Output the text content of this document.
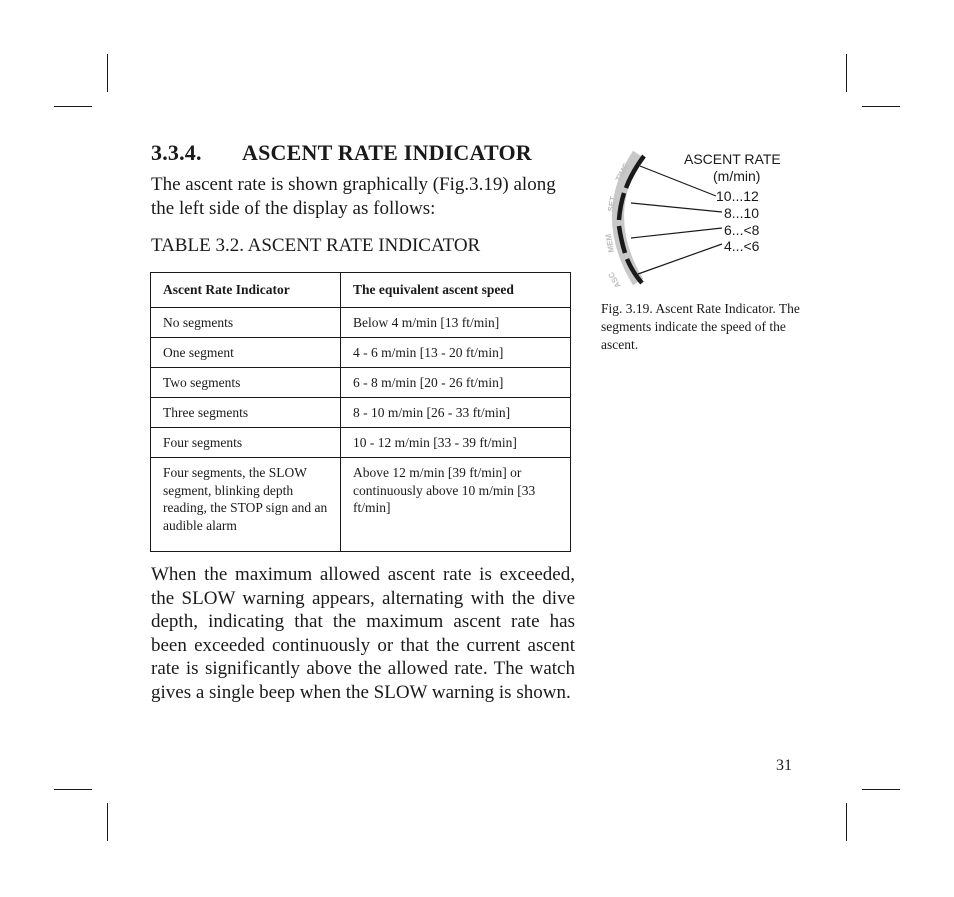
3.3.4. ASCENT RATE INDICATOR
The ascent rate is shown graphically (Fig.3.19) along the left side of the display as follows:
TABLE 3.2. ASCENT RATE INDICATOR
Ascent Rate Indicator	The equivalent ascent speed
No segments	Below 4 m/min [13 ft/min]
One segment	4 - 6 m/min [13 - 20 ft/min]
Two segments	6 - 8 m/min [20 - 26 ft/min]
Three segments	8 - 10 m/min [26 - 33 ft/min]
Four segments	10 - 12 m/min [33 - 39 ft/min]
Four segments, the SLOW segment, blinking depth reading, the STOP sign and an audible alarm	Above 12 m/min [39 ft/min] or continuously above 10 m/min [33 ft/min]
When the maximum allowed ascent rate is exceeded, the SLOW warning appears, alternating with the dive depth, indicating that the maximum ascent rate has been exceeded continuously or that the current ascent rate is significantly above the allowed rate. The watch gives a single beep when the SLOW warning is shown.
TIME
SET
MEM
ASC
ASCENT RATE
(m/min)
10...12
8...10
6...<8
4...<6
Fig. 3.19. Ascent Rate Indicator. The segments indicate the speed of the ascent.
31
